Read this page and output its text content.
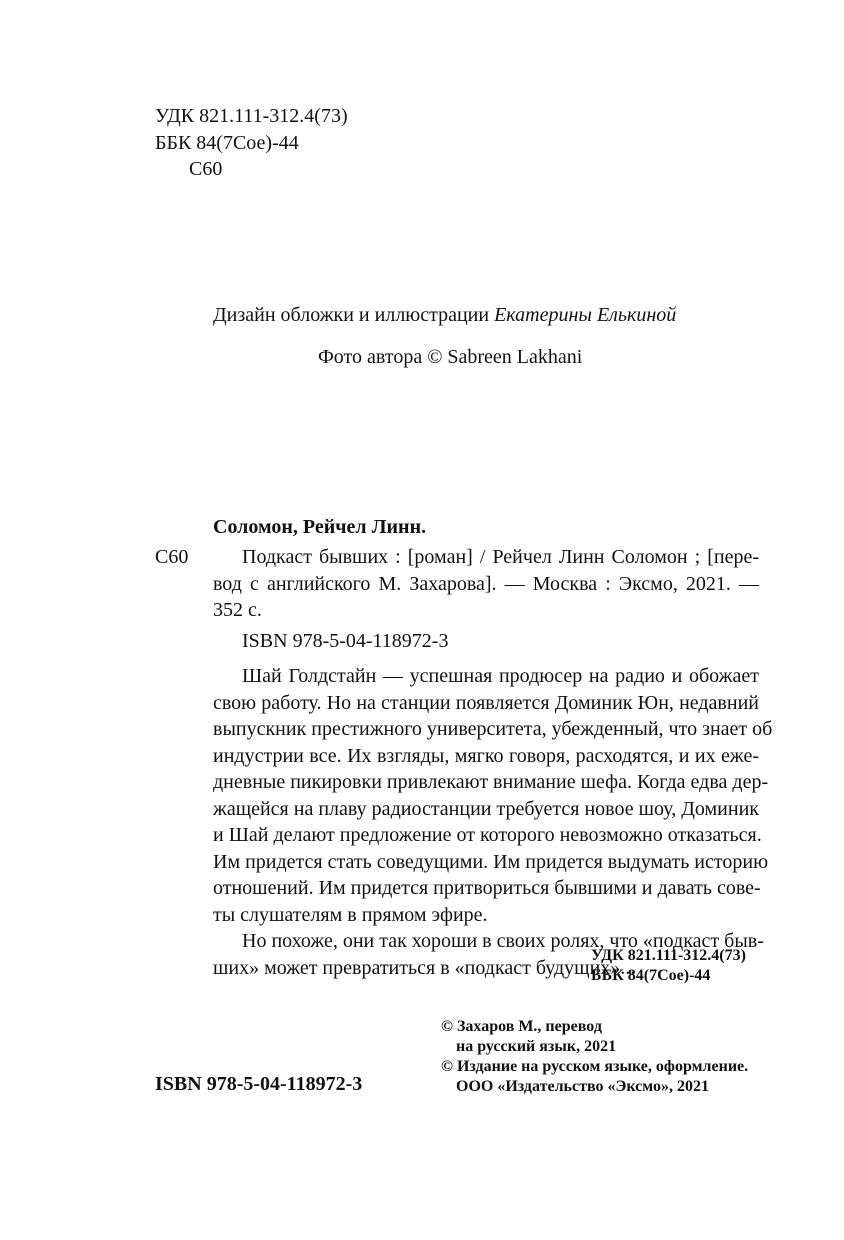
УДК 821.111-312.4(73)
ББК 84(7Сое)-44
С60
Дизайн обложки и иллюстрации Екатерины Елькиной
Фото автора © Sabreen Lakhani
Соломон, Рейчел Линн.
С60	Подкаст бывших : [роман] / Рейчел Линн Соломон ; [пере-
вод с английского М. Захарова]. — Москва : Эксмо, 2021. —
352 с.
ISBN 978-5-04-118972-3
Шай Голдстайн — успешная продюсер на радио и обожает
свою работу. Но на станции появляется Доминик Юн, недавний
выпускник престижного университета, убежденный, что знает об
индустрии все. Их взгляды, мягко говоря, расходятся, и их еже-
дневные пикировки привлекают внимание шефа. Когда едва дер-
жащейся на плаву радиостанции требуется новое шоу, Доминик
и Шай делают предложение от которого невозможно отказаться.
Им придется стать соведущими. Им придется выдумать историю
отношений. Им придется притвориться бывшими и давать сове-
ты слушателям в прямом эфире.
Но похоже, они так хороши в своих ролях, что «подкаст быв-
ших» может превратиться в «подкаст будущих»...
УДК 821.111-312.4(73)
ББК 84(7Сое)-44
ISBN 978-5-04-118972-3
© Захаров М., перевод
на русский язык, 2021
© Издание на русском языке, оформление.
ООО «Издательство «Эксмо», 2021
